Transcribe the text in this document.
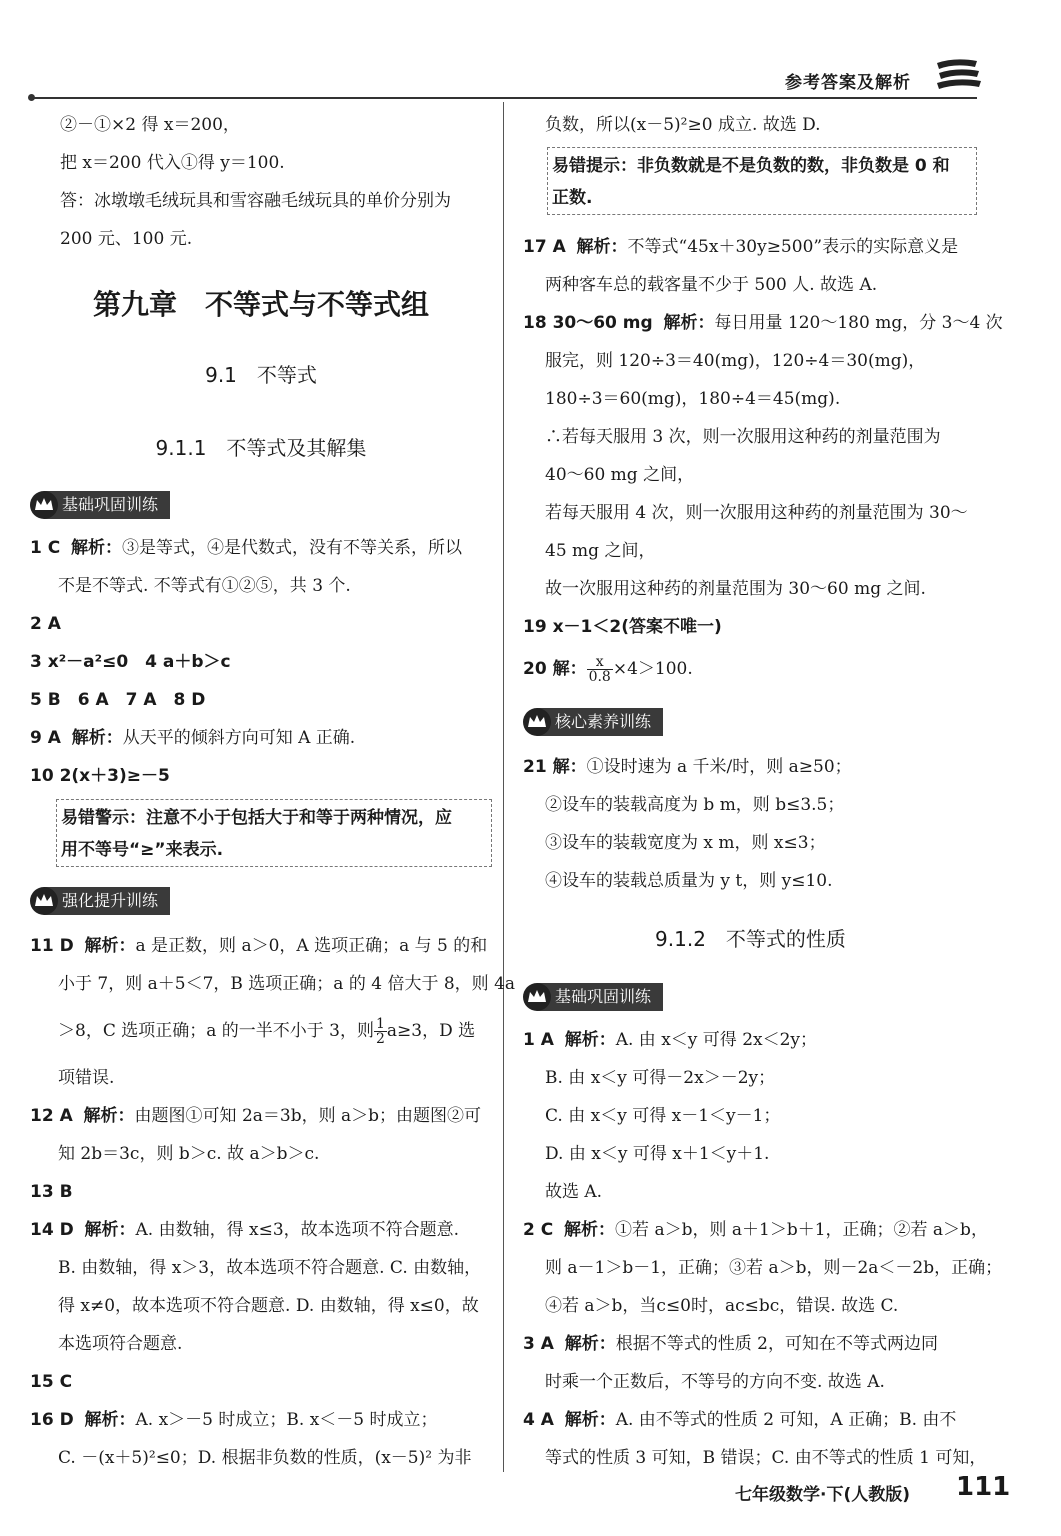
参考答案及解析
②－①×2 得 x＝200，
把 x＝200 代入①得 y＝100.
答：冰墩墩毛绒玩具和雪容融毛绒玩具的单价分别为
200 元、100 元.
第九章　不等式与不等式组
9.1　不等式
9.1.1　不等式及其解集
基础巩固训练
1 C 解析：③是等式，④是代数式，没有不等关系，所以
不是不等式. 不等式有①②⑤，共 3 个.
2 A
3 x²－a²≤0　4 a＋b＞c
5 B　6 A　7 A　8 D
9 A 解析：从天平的倾斜方向可知 A 正确.
10 2(x＋3)≥－5
易错警示：注意不小于包括大于和等于两种情况，应
用不等号“≥”来表示.
强化提升训练
11 D 解析：a 是正数，则 a＞0，A 选项正确；a 与 5 的和
小于 7，则 a＋5＜7，B 选项正确；a 的 4 倍大于 8，则 4a
＞8，C 选项正确；a 的一半不小于 3，则 $\frac{1}{2} a\ge 3$，D 选
项错误.
12 A 解析：由题图①可知 2a＝3b，则 a＞b；由题图②可
知 2b＝3c，则 b＞c. 故 a＞b＞c.
13 B
14 D 解析：A. 由数轴，得 x≤3，故本选项不符合题意.
B. 由数轴，得 x＞3，故本选项不符合题意. C. 由数轴，
得 x≠0，故本选项不符合题意. D. 由数轴，得 x≤0，故
本选项符合题意.
15 C
16 D 解析：A. x＞－5 时成立；B. x＜－5 时成立；
C. －(x＋5)²≤0；D. 根据非负数的性质，(x－5)² 为非
负数，所以(x－5)²≥0 成立. 故选 D.
易错提示：非负数就是不是负数的数，非负数是 0 和
正数.
17 A 解析：不等式“45x＋30y≥500”表示的实际意义是
两种客车总的载客量不少于 500 人. 故选 A.
18 30～60 mg 解析：每日用量 120～180 mg，分 3～4 次
服完，则 120÷3＝40(mg)，120÷4＝30(mg)，
180÷3＝60(mg)，180÷4＝45(mg).
∴若每天服用 3 次，则一次服用这种药的剂量范围为
40～60 mg 之间，
若每天服用 4 次，则一次服用这种药的剂量范围为 30～
45 mg 之间，
故一次服用这种药的剂量范围为 30～60 mg 之间.
19 x－1＜2(答案不唯一)
20 解： $\frac{x}{0.8} \times 4>100$.
核心素养训练
21 解：①设时速为 a 千米/时，则 a≥50；
②设车的装载高度为 b m，则 b≤3.5；
③设车的装载宽度为 x m，则 x≤3；
④设车的装载总质量为 y t，则 y≤10.
9.1.2　不等式的性质
基础巩固训练
1 A 解析：A. 由 x＜y 可得 2x＜2y；
B. 由 x＜y 可得－2x＞－2y；
C. 由 x＜y 可得 x－1＜y－1；
D. 由 x＜y 可得 x＋1＜y＋1.
故选 A.
2 C 解析：①若 a＞b，则 a＋1＞b＋1，正确；②若 a＞b，
则 a－1＞b－1，正确；③若 a＞b，则－2a＜－2b，正确；
④若 a＞b，当c≤0时，ac≤bc，错误. 故选 C.
3 A 解析：根据不等式的性质 2，可知在不等式两边同
时乘一个正数后，不等号的方向不变. 故选 A.
4 A 解析：A. 由不等式的性质 2 可知，A 正确；B. 由不
等式的性质 3 可知，B 错误；C. 由不等式的性质 1 可知，
七年级数学·下(人教版) 111
